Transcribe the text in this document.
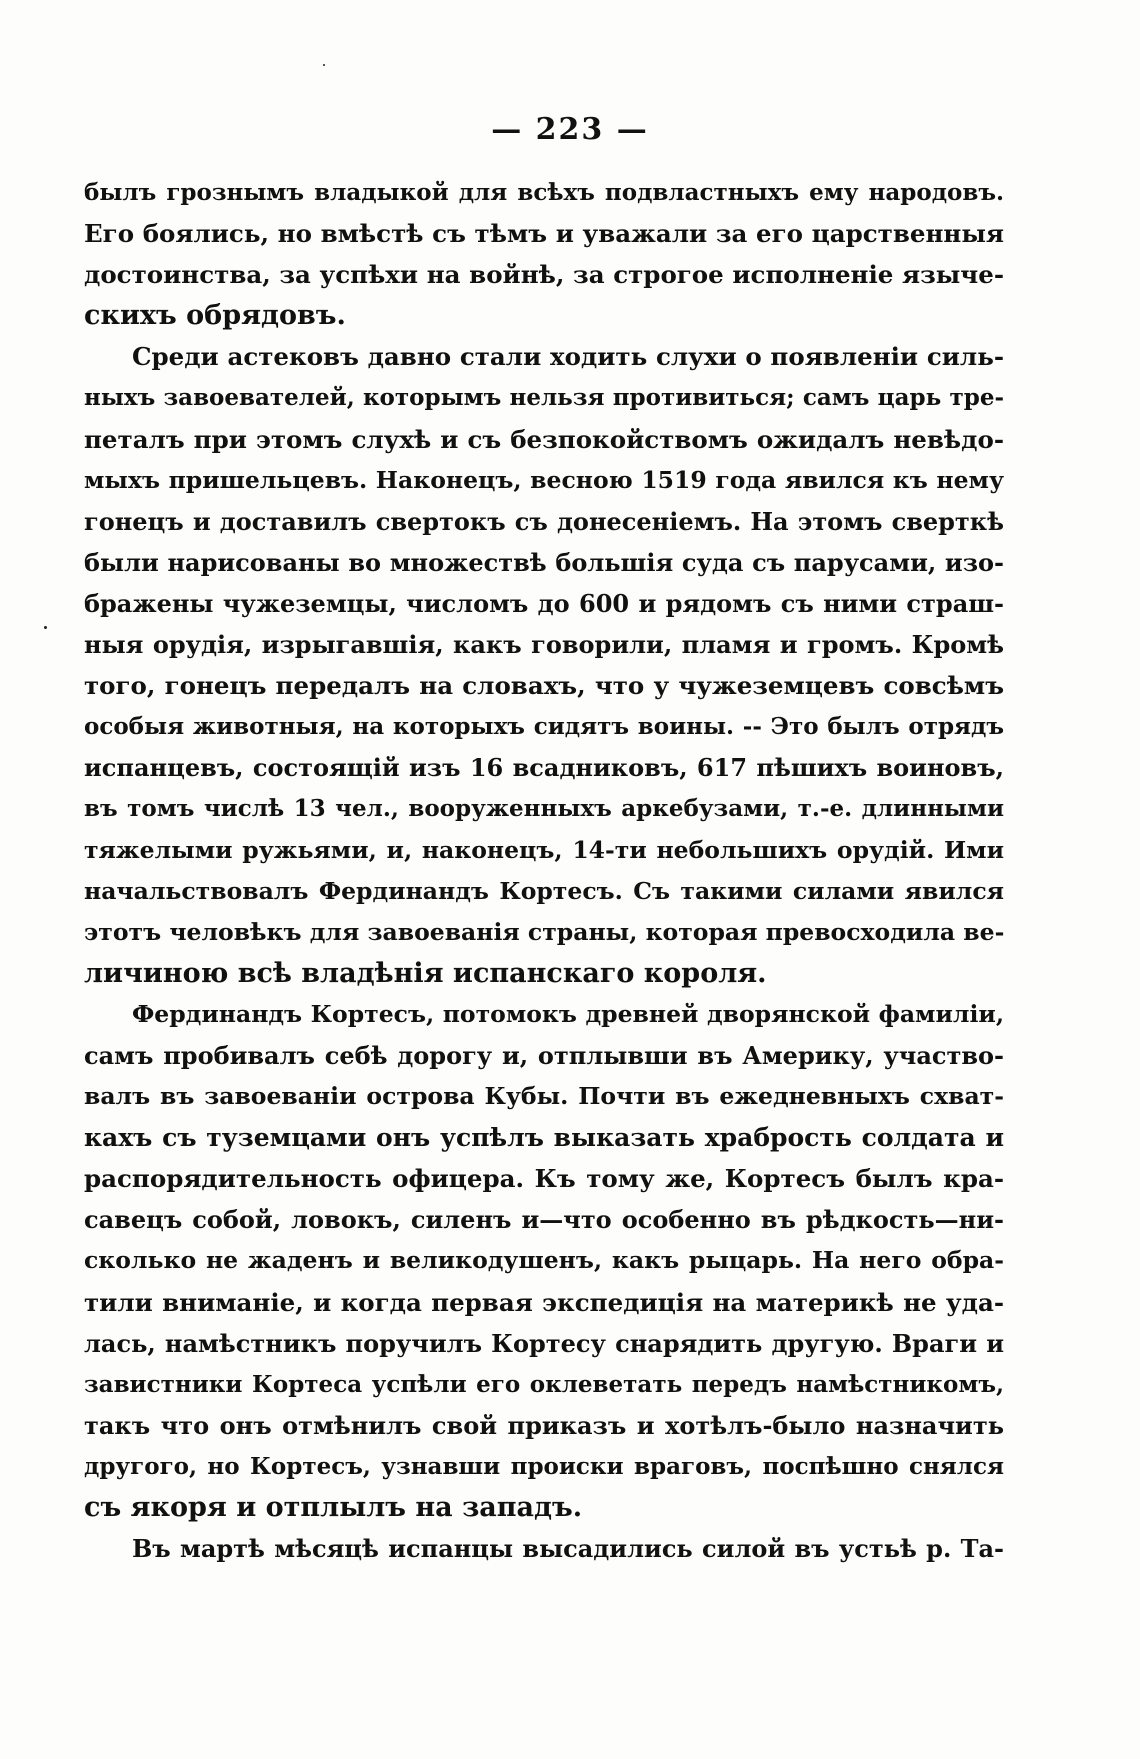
— 223 —
былъ грознымъ владыкой для всѣхъ подвластныхъ ему народовъ.
Его боялись, но вмѣстѣ съ тѣмъ и уважали за его царственныя
достоинства, за успѣхи на войнѣ, за строгое исполненіе языче-
скихъ обрядовъ.
Среди астековъ давно стали ходить слухи о появленіи силь-
ныхъ завоевателей, которымъ нельзя противиться; самъ царь тре-
петалъ при этомъ слухѣ и съ безпокойствомъ ожидалъ невѣдо-
мыхъ пришельцевъ. Наконецъ, весною 1519 года явился къ нему
гонецъ и доставилъ свертокъ съ донесеніемъ. На этомъ сверткѣ
были нарисованы во множествѣ большія суда съ парусами, изо-
бражены чужеземцы, числомъ до 600 и рядомъ съ ними страш-
ныя орудія, изрыгавшія, какъ говорили, пламя и громъ. Кромѣ
того, гонецъ передалъ на словахъ, что у чужеземцевъ совсѣмъ
особыя животныя, на которыхъ сидятъ воины. -- Это былъ отрядъ
испанцевъ, состоящій изъ 16 всадниковъ, 617 пѣшихъ воиновъ,
въ томъ числѣ 13 чел., вооруженныхъ аркебузами, т.-е. длинными
тяжелыми ружьями, и, наконецъ, 14-ти небольшихъ орудій. Ими
начальствовалъ Фердинандъ Кортесъ. Съ такими силами явился
этотъ человѣкъ для завоеванія страны, которая превосходила ве-
личиною всѣ владѣнія испанскаго короля.
Фердинандъ Кортесъ, потомокъ древней дворянской фамиліи,
самъ пробивалъ себѣ дорогу и, отплывши въ Америку, участво-
валъ въ завоеваніи острова Кубы. Почти въ ежедневныхъ схват-
кахъ съ туземцами онъ успѣлъ выказать храбрость солдата и
распорядительность офицера. Къ тому же, Кортесъ былъ кра-
савецъ собой, ловокъ, силенъ и—что особенно въ рѣдкость—ни-
сколько не жаденъ и великодушенъ, какъ рыцарь. На него обра-
тили вниманіе, и когда первая экспедиція на материкѣ не уда-
лась, намѣстникъ поручилъ Кортесу снарядить другую. Враги и
завистники Кортеса успѣли его оклеветать передъ намѣстникомъ,
такъ что онъ отмѣнилъ свой приказъ и хотѣлъ-было назначить
другого, но Кортесъ, узнавши происки враговъ, поспѣшно снялся
съ якоря и отплылъ на западъ.
Въ мартѣ мѣсяцѣ испанцы высадились силой въ устьѣ р. Та-
